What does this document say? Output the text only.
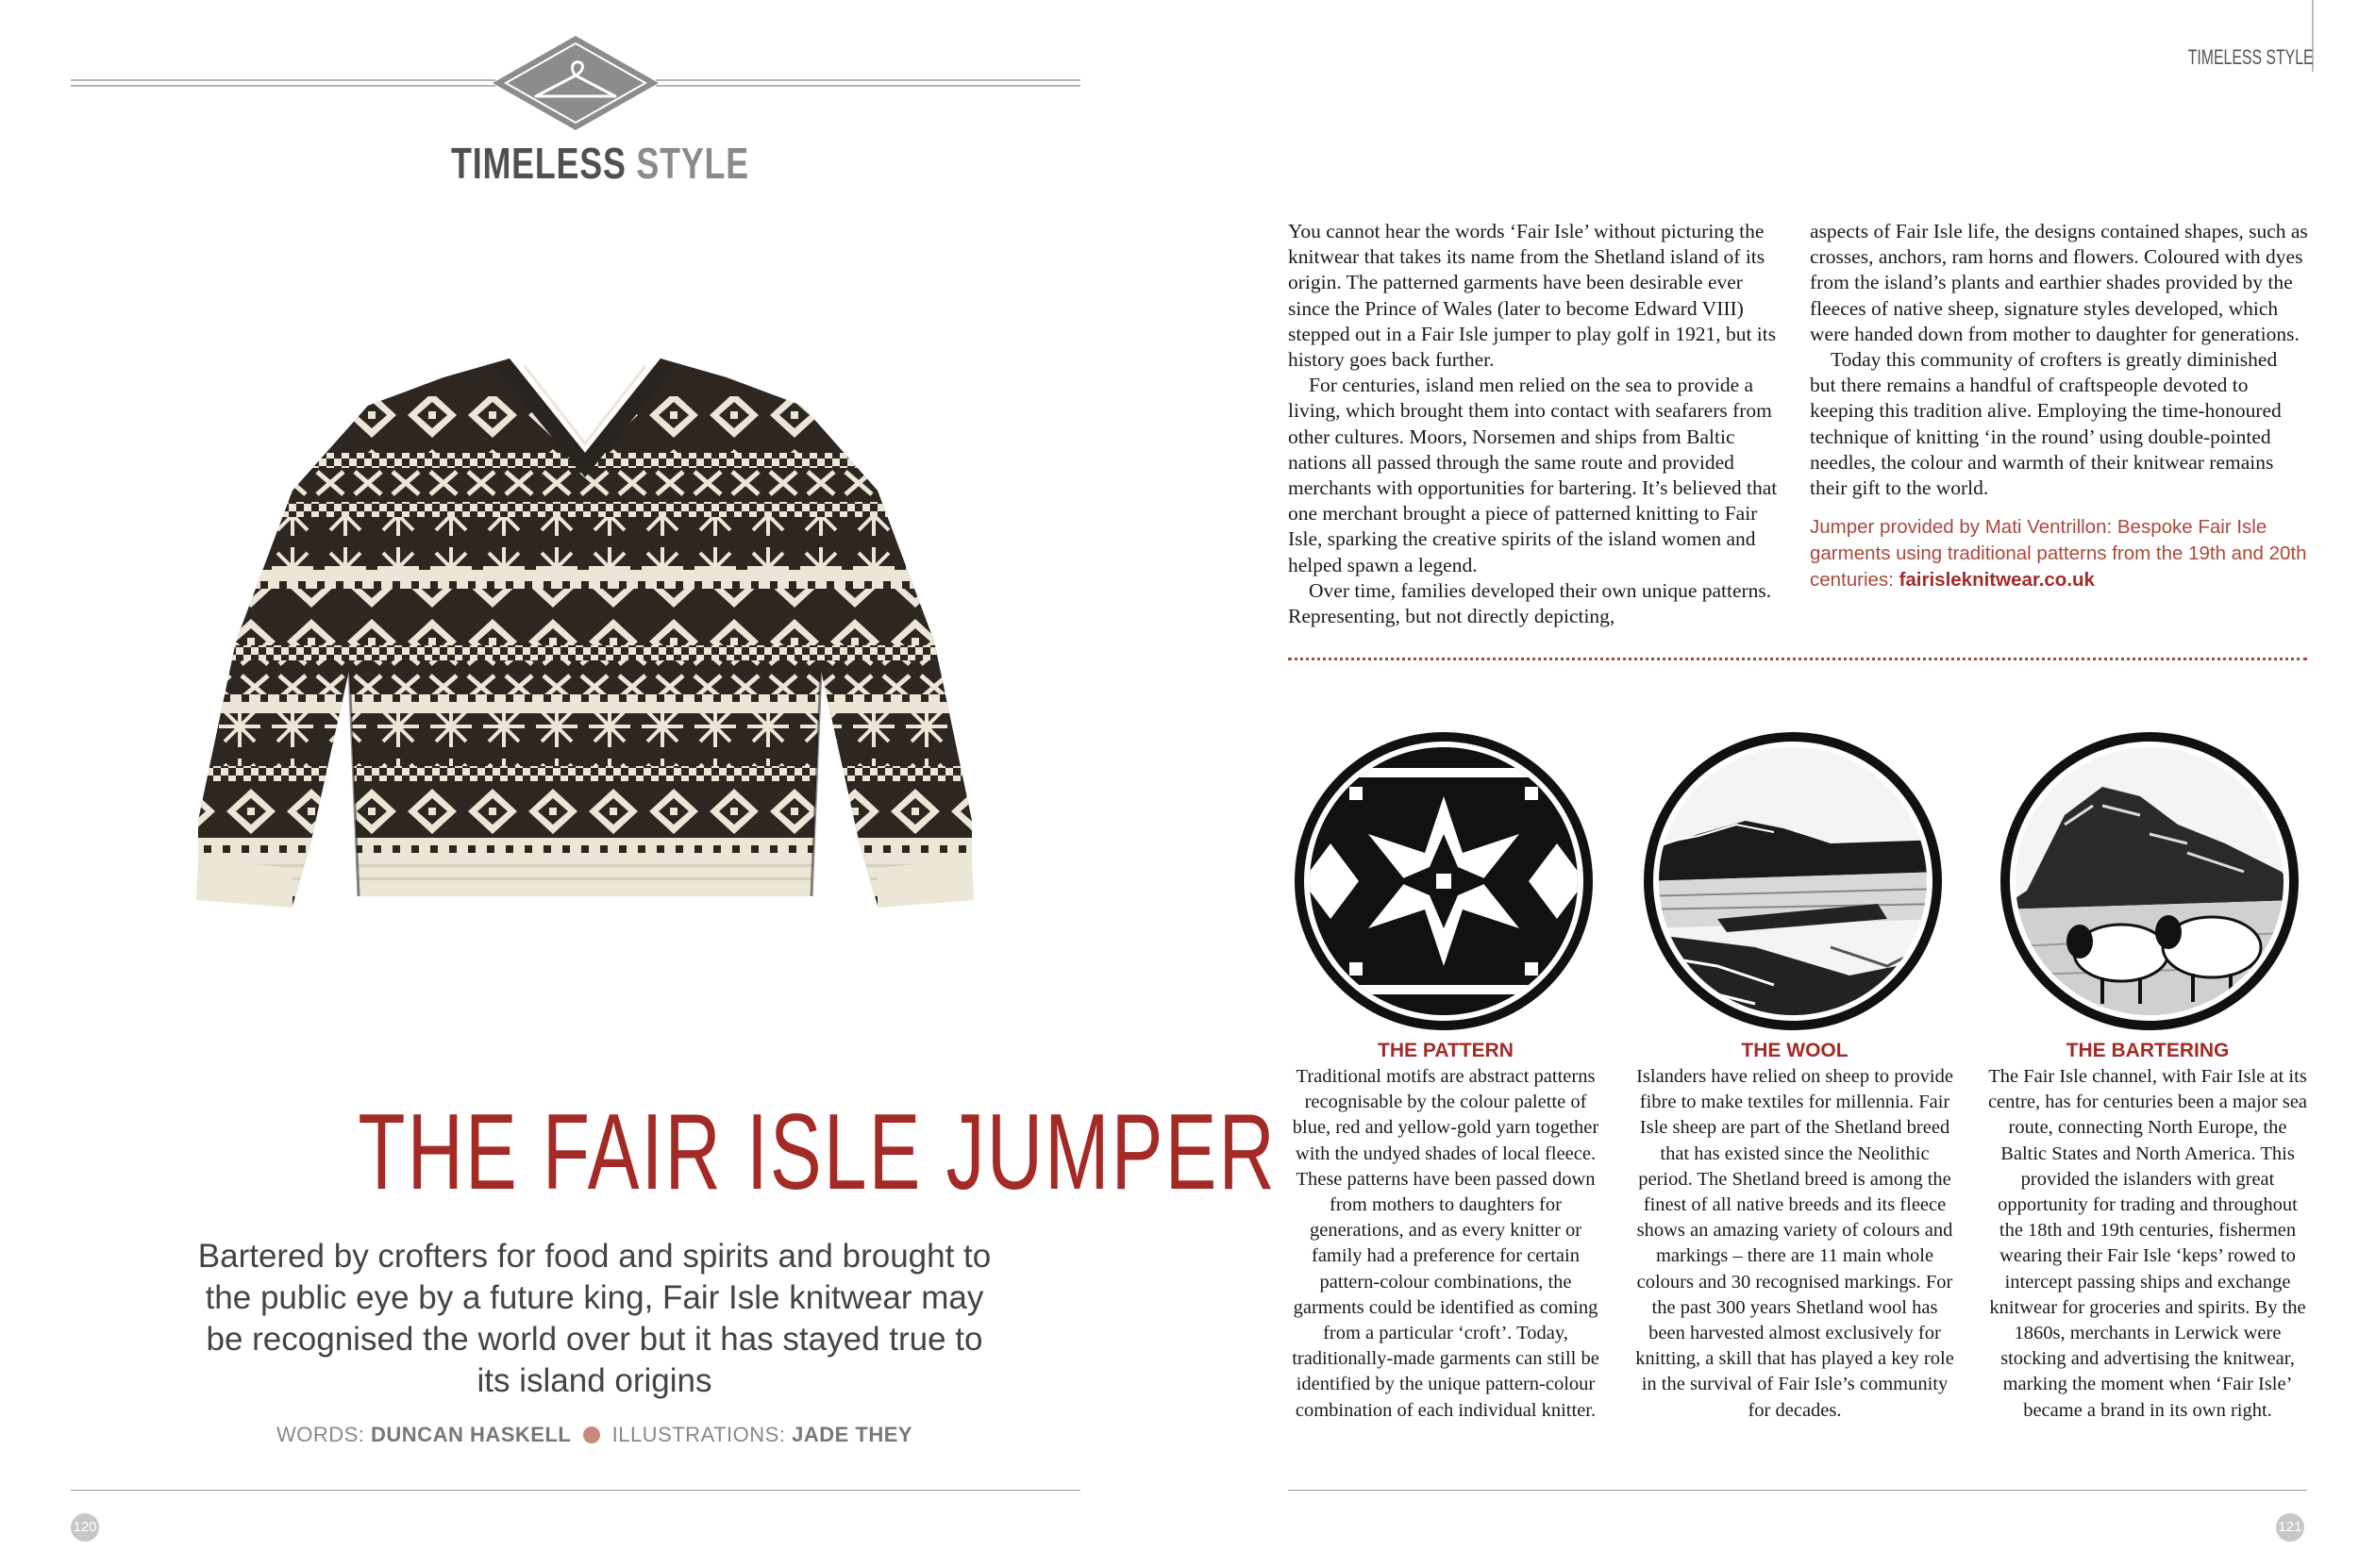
TIMELESS STYLE
THE FAIR ISLE JUMPER
Bartered by crofters for food and spirits and brought to the public eye by a future king, Fair Isle knitwear may be recognised the world over but it has stayed true to its island origins
WORDS: DUNCAN HASKELL ILLUSTRATIONS: JADE THEY
120
TIMELESS STYLE

You cannot hear the words ‘Fair Isle’ without picturing the knitwear that takes its name from the Shetland island of its origin. The patterned garments have been desirable ever since the Prince of Wales (later to become Edward VIII) stepped out in a Fair Isle jumper to play golf in 1921, but its history goes back further.

For centuries, island men relied on the sea to provide a living, which brought them into contact with seafarers from other cultures. Moors, Norsemen and ships from Baltic nations all passed through the same route and provided merchants with opportunities for bartering. It’s believed that one merchant brought a piece of patterned knitting to Fair Isle, sparking the creative spirits of the island women and helped spawn a legend.

Over time, families developed their own unique patterns. Representing, but not directly depicting,

aspects of Fair Isle life, the designs contained shapes, such as crosses, anchors, ram horns and flowers. Coloured with dyes from the island’s plants and earthier shades provided by the fleeces of native sheep, signature styles developed, which were handed down from mother to daughter for generations.

Today this community of crofters is greatly diminished but there remains a handful of craftspeople devoted to keeping this tradition alive. Employing the time-honoured technique of knitting ‘in the round’ using double-pointed needles, the colour and warmth of their knitwear remains their gift to the world.

Jumper provided by Mati Ventrillon: Bespoke Fair Isle garments using traditional patterns from the 19th and 20th centuries: fairisleknitwear.co.uk

THE PATTERN

Traditional motifs are abstract patterns recognisable by the colour palette of blue, red and yellow-gold yarn together with the undyed shades of local fleece. These patterns have been passed down from mothers to daughters for generations, and as every knitter or family had a preference for certain pattern-colour combinations, the garments could be identified as coming from a particular ‘croft’. Today, traditionally-made garments can still be identified by the unique pattern-colour combination of each individual knitter.

THE WOOL

Islanders have relied on sheep to provide fibre to make textiles for millennia. Fair Isle sheep are part of the Shetland breed that has existed since the Neolithic period. The Shetland breed is among the finest of all native breeds and its fleece shows an amazing variety of colours and markings – there are 11 main whole colours and 30 recognised markings. For the past 300 years Shetland wool has been harvested almost exclusively for knitting, a skill that has played a key role in the survival of Fair Isle’s community for decades.

THE BARTERING

The Fair Isle channel, with Fair Isle at its centre, has for centuries been a major sea route, connecting North Europe, the Baltic States and North America. This provided the islanders with great opportunity for trading and throughout the 18th and 19th centuries, fishermen wearing their Fair Isle ‘keps’ rowed to intercept passing ships and exchange knitwear for groceries and spirits. By the 1860s, merchants in Lerwick were stocking and advertising the knitwear, marking the moment when ‘Fair Isle’ became a brand in its own right.

121
